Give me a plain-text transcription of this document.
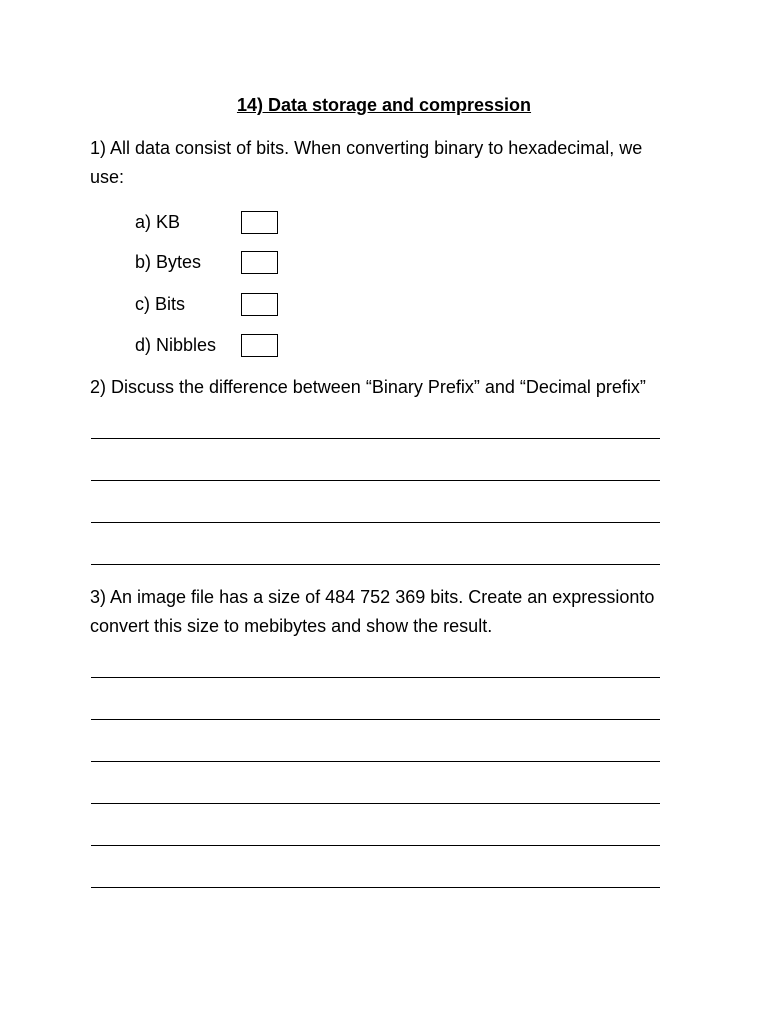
14) Data storage and compression
1) All data consist of bits. When converting binary to hexadecimal, we use:
a) KB
b) Bytes
c) Bits
d) Nibbles
2) Discuss the difference between “Binary Prefix” and “Decimal prefix”
3) An image file has a size of 484 752 369 bits. Create an expressionto convert this size to mebibytes and show the result.
